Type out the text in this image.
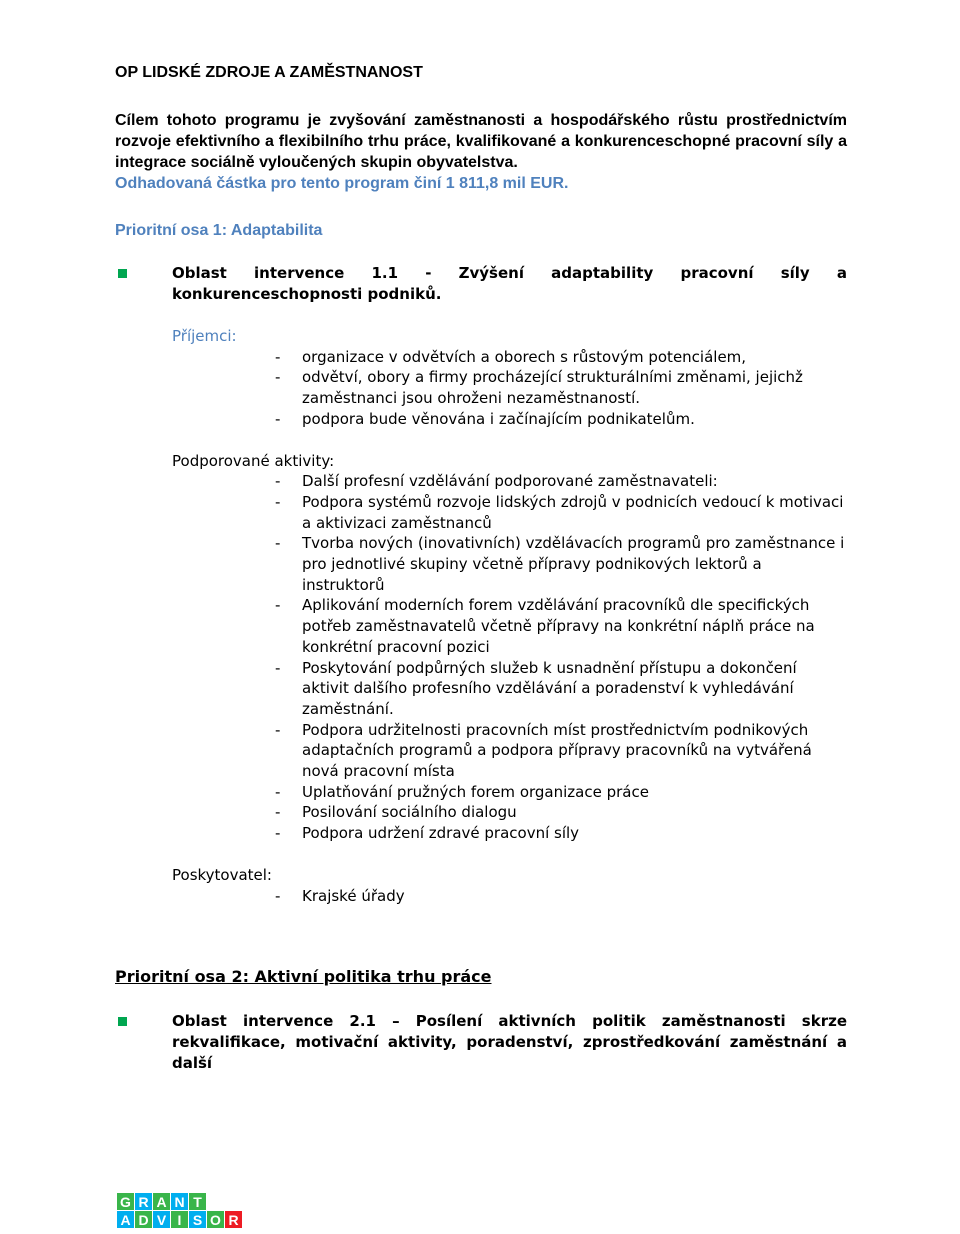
OP LIDSKÉ ZDROJE A ZAMĚSTNANOST

Cílem tohoto programu je zvyšování zaměstnanosti a hospodářského růstu prostřednictvím rozvoje efektivního a flexibilního trhu práce, kvalifikované a konkurenceschopné pracovní síly a integrace sociálně vyloučených skupin obyvatelstva.
Odhadovaná částka pro tento program činí 1 811,8 mil EUR.

Prioritní osa 1: Adaptabilita

Oblast intervence 1.1 - Zvýšení adaptability pracovní síly a konkurenceschopnosti podniků.

Příjemci:

- organizace v odvětvích a oborech s růstovým potenciálem,
- odvětví, obory a firmy procházející strukturálními změnami, jejichž zaměstnanci jsou ohroženi nezaměstnaností.
- podpora bude věnována i začínajícím podnikatelům.

Podporované aktivity:

- Další profesní vzdělávání podporované zaměstnavateli:
- Podpora systémů rozvoje lidských zdrojů v podnicích vedoucí k motivaci a aktivizaci zaměstnanců
- Tvorba nových (inovativních) vzdělávacích programů pro zaměstnance i pro jednotlivé skupiny včetně přípravy podnikových lektorů a instruktorů
- Aplikování moderních forem vzdělávání pracovníků dle specifických potřeb zaměstnavatelů včetně přípravy na konkrétní náplň práce na konkrétní pracovní pozici
- Poskytování podpůrných služeb k usnadnění přístupu a dokončení aktivit dalšího profesního vzdělávání a poradenství k vyhledávání zaměstnání.
- Podpora udržitelnosti pracovních míst prostřednictvím podnikových adaptačních programů a podpora přípravy pracovníků na vytvářená nová pracovní místa
- Uplatňování pružných forem organizace práce
- Posilování sociálního dialogu
- Podpora udržení zdravé pracovní síly

Poskytovatel:

- Krajské úřady

Prioritní osa 2: Aktivní politika trhu práce

Oblast intervence 2.1 – Posílení aktivních politik zaměstnanosti skrze rekvalifikace, motivační aktivity, poradenství, zprostředkování zaměstnání a další
G R A N T
A D V I S O R
